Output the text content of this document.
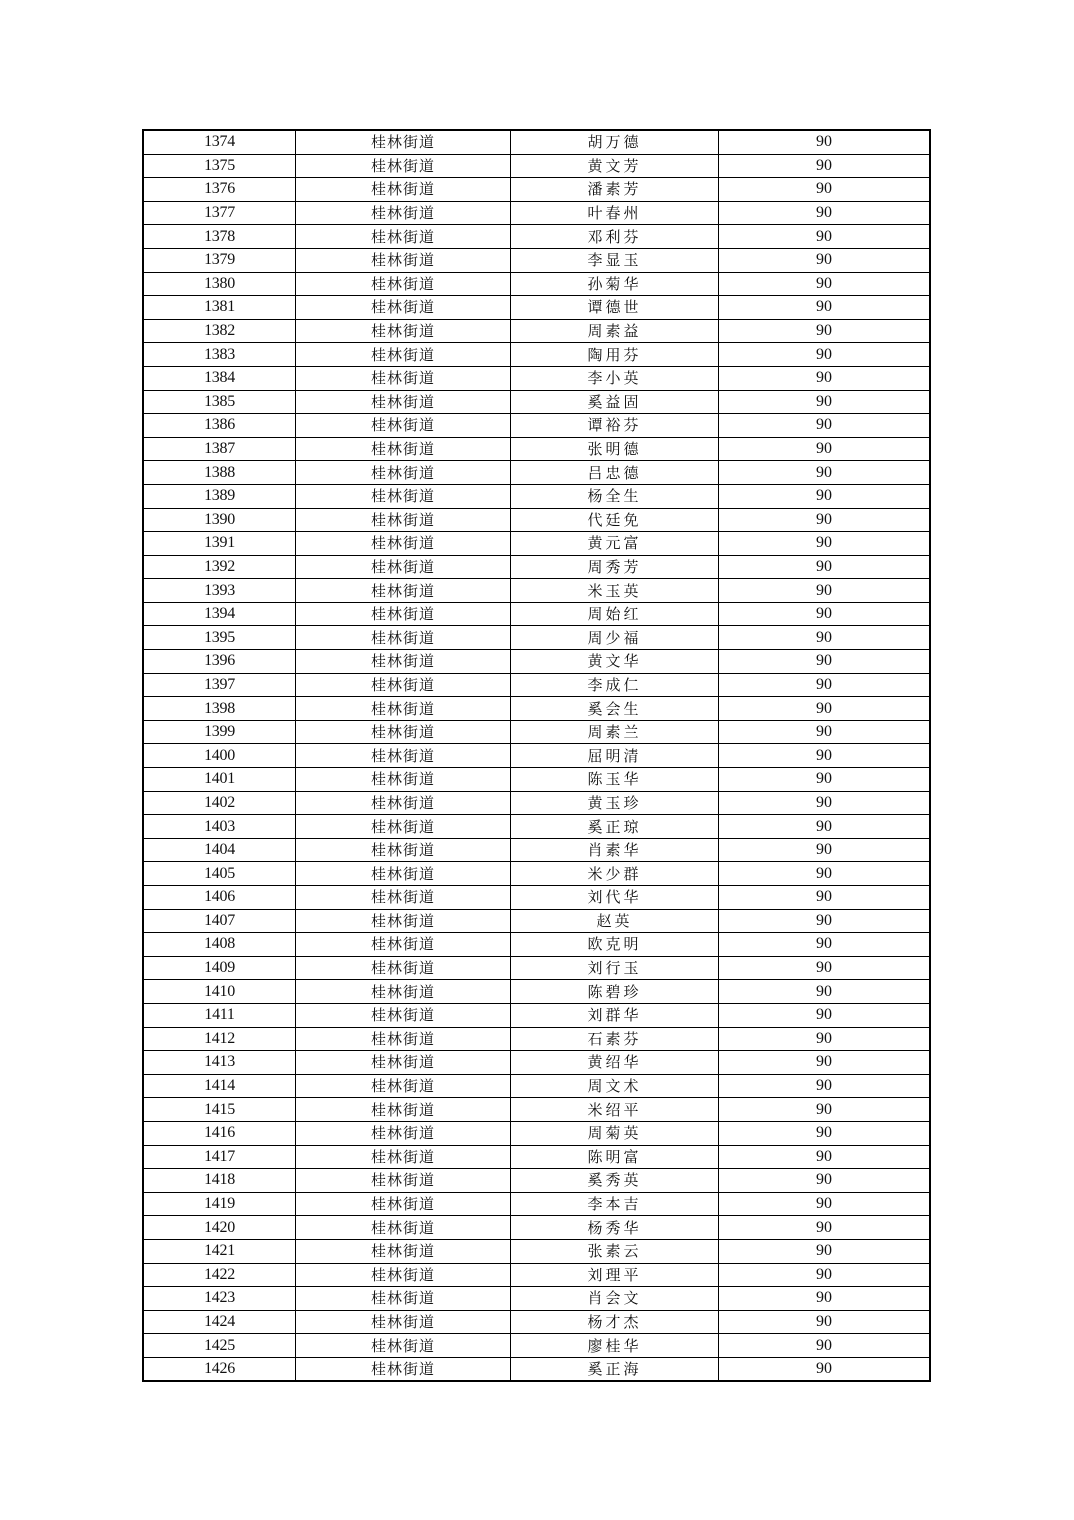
1374	桂林街道	胡万德	90
1375	桂林街道	黄文芳	90
1376	桂林街道	潘素芳	90
1377	桂林街道	叶春州	90
1378	桂林街道	邓利芬	90
1379	桂林街道	李显玉	90
1380	桂林街道	孙菊华	90
1381	桂林街道	谭德世	90
1382	桂林街道	周素益	90
1383	桂林街道	陶用芬	90
1384	桂林街道	李小英	90
1385	桂林街道	奚益固	90
1386	桂林街道	谭裕芬	90
1387	桂林街道	张明德	90
1388	桂林街道	吕忠德	90
1389	桂林街道	杨全生	90
1390	桂林街道	代廷免	90
1391	桂林街道	黄元富	90
1392	桂林街道	周秀芳	90
1393	桂林街道	米玉英	90
1394	桂林街道	周始红	90
1395	桂林街道	周少福	90
1396	桂林街道	黄文华	90
1397	桂林街道	李成仁	90
1398	桂林街道	奚会生	90
1399	桂林街道	周素兰	90
1400	桂林街道	屈明清	90
1401	桂林街道	陈玉华	90
1402	桂林街道	黄玉珍	90
1403	桂林街道	奚正琼	90
1404	桂林街道	肖素华	90
1405	桂林街道	米少群	90
1406	桂林街道	刘代华	90
1407	桂林街道	赵英	90
1408	桂林街道	欧克明	90
1409	桂林街道	刘行玉	90
1410	桂林街道	陈碧珍	90
1411	桂林街道	刘群华	90
1412	桂林街道	石素芬	90
1413	桂林街道	黄绍华	90
1414	桂林街道	周文术	90
1415	桂林街道	米绍平	90
1416	桂林街道	周菊英	90
1417	桂林街道	陈明富	90
1418	桂林街道	奚秀英	90
1419	桂林街道	李本吉	90
1420	桂林街道	杨秀华	90
1421	桂林街道	张素云	90
1422	桂林街道	刘理平	90
1423	桂林街道	肖会文	90
1424	桂林街道	杨才杰	90
1425	桂林街道	廖桂华	90
1426	桂林街道	奚正海	90
